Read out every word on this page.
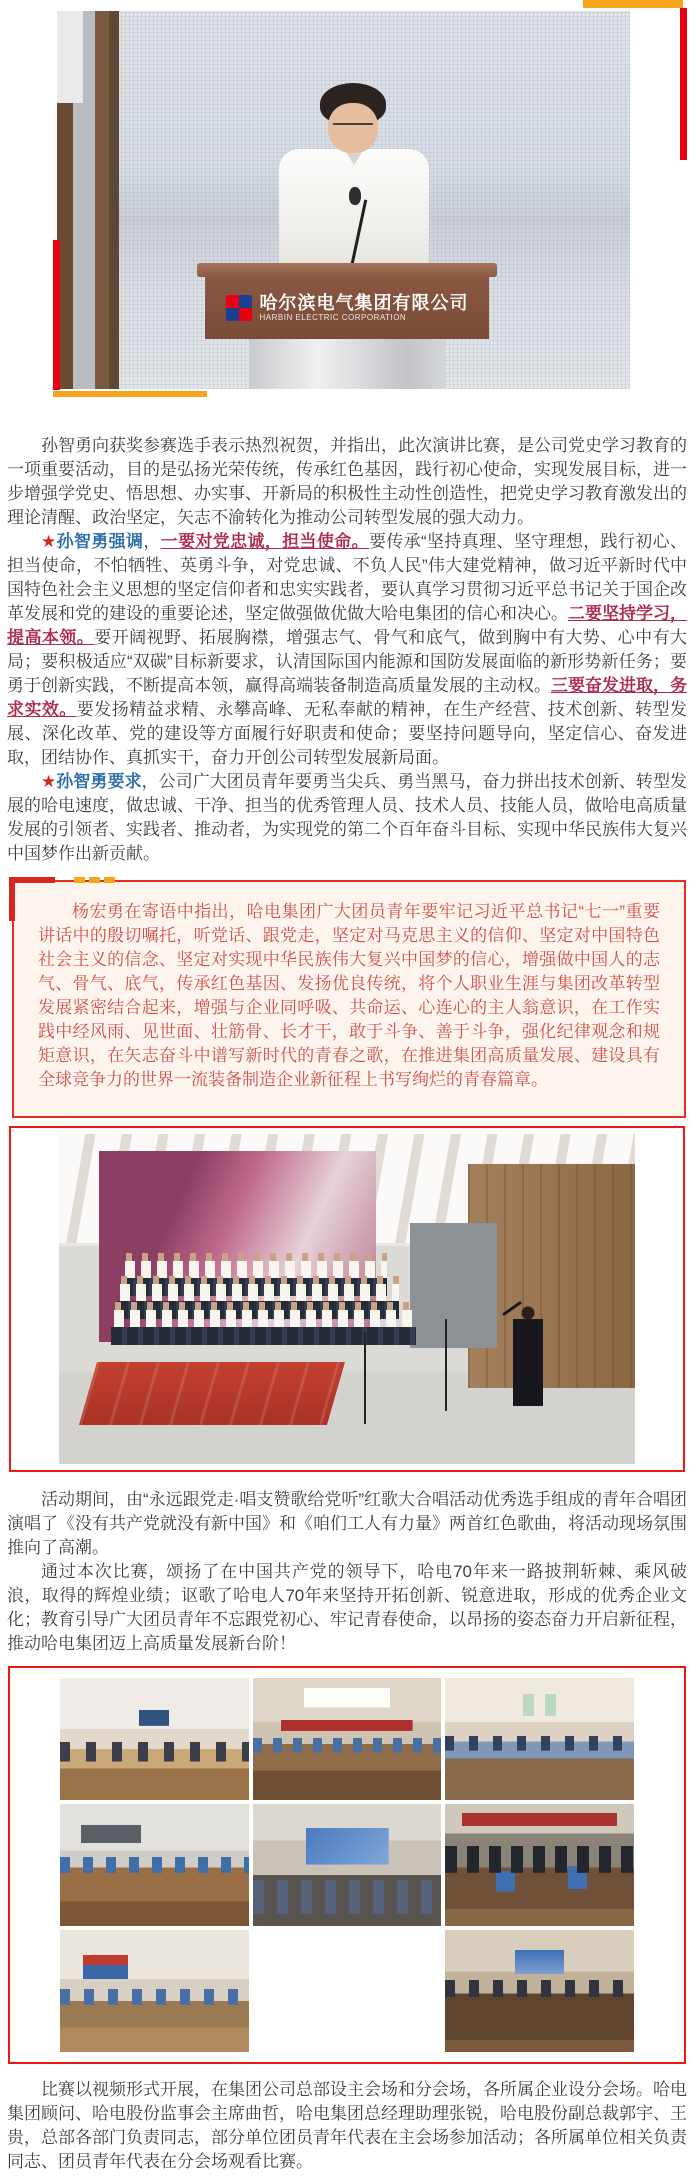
哈尔滨电气集团有限公司
HARBIN ELECTRIC CORPORATION

孙智勇向获奖参赛选手表示热烈祝贺，并指出，此次演讲比赛，是公司党史学习教育的一项重要活动，目的是弘扬光荣传统，传承红色基因，践行初心使命，实现发展目标，进一步增强学党史、悟思想、办实事、开新局的积极性主动性创造性，把党史学习教育激发出的理论清醒、政治坚定，矢志不渝转化为推动公司转型发展的强大动力。

★孙智勇强调，一要对党忠诚，担当使命。要传承“坚持真理、坚守理想，践行初心、担当使命，不怕牺牲、英勇斗争，对党忠诚、不负人民”伟大建党精神，做习近平新时代中国特色社会主义思想的坚定信仰者和忠实实践者，要认真学习贯彻习近平总书记关于国企改革发展和党的建设的重要论述，坚定做强做优做大哈电集团的信心和决心。二要坚持学习，提高本领。要开阔视野、拓展胸襟，增强志气、骨气和底气，做到胸中有大势、心中有大局；要积极适应“双碳”目标新要求，认清国际国内能源和国防发展面临的新形势新任务；要勇于创新实践，不断提高本领，赢得高端装备制造高质量发展的主动权。三要奋发进取，务求实效。要发扬精益求精、永攀高峰、无私奉献的精神，在生产经营、技术创新、转型发展、深化改革、党的建设等方面履行好职责和使命；要坚持问题导向，坚定信心、奋发进取，团结协作、真抓实干，奋力开创公司转型发展新局面。

★孙智勇要求，公司广大团员青年要勇当尖兵、勇当黑马，奋力拼出技术创新、转型发展的哈电速度，做忠诚、干净、担当的优秀管理人员、技术人员、技能人员，做哈电高质量发展的引领者、实践者、推动者，为实现党的第二个百年奋斗目标、实现中华民族伟大复兴中国梦作出新贡献。

杨宏勇在寄语中指出，哈电集团广大团员青年要牢记习近平总书记“七一”重要讲话中的殷切嘱托，听党话、跟党走，坚定对马克思主义的信仰、坚定对中国特色社会主义的信念、坚定对实现中华民族伟大复兴中国梦的信心，增强做中国人的志气、骨气、底气，传承红色基因、发扬优良传统，将个人职业生涯与集团改革转型发展紧密结合起来，增强与企业同呼吸、共命运、心连心的主人翁意识，在工作实践中经风雨、见世面、壮筋骨、长才干，敢于斗争、善于斗争，强化纪律观念和规矩意识，在矢志奋斗中谱写新时代的青春之歌，在推进集团高质量发展、建设具有全球竞争力的世界一流装备制造企业新征程上书写绚烂的青春篇章。

活动期间，由“永远跟党走·唱支赞歌给党听”红歌大合唱活动优秀选手组成的青年合唱团演唱了《没有共产党就没有新中国》和《咱们工人有力量》两首红色歌曲，将活动现场氛围推向了高潮。

通过本次比赛，颂扬了在中国共产党的领导下，哈电70年来一路披荆斩棘、乘风破浪，取得的辉煌业绩；讴歌了哈电人70年来坚持开拓创新、锐意进取，形成的优秀企业文化；教育引导广大团员青年不忘跟党初心、牢记青春使命，以昂扬的姿态奋力开启新征程，推动哈电集团迈上高质量发展新台阶！

比赛以视频形式开展，在集团公司总部设主会场和分会场，各所属企业设分会场。哈电集团顾问、哈电股份监事会主席曲哲，哈电集团总经理助理张锐，哈电股份副总裁郭宇、王贵，总部各部门负责同志，部分单位团员青年代表在主会场参加活动；各所属单位相关负责同志、团员青年代表在分会场观看比赛。
